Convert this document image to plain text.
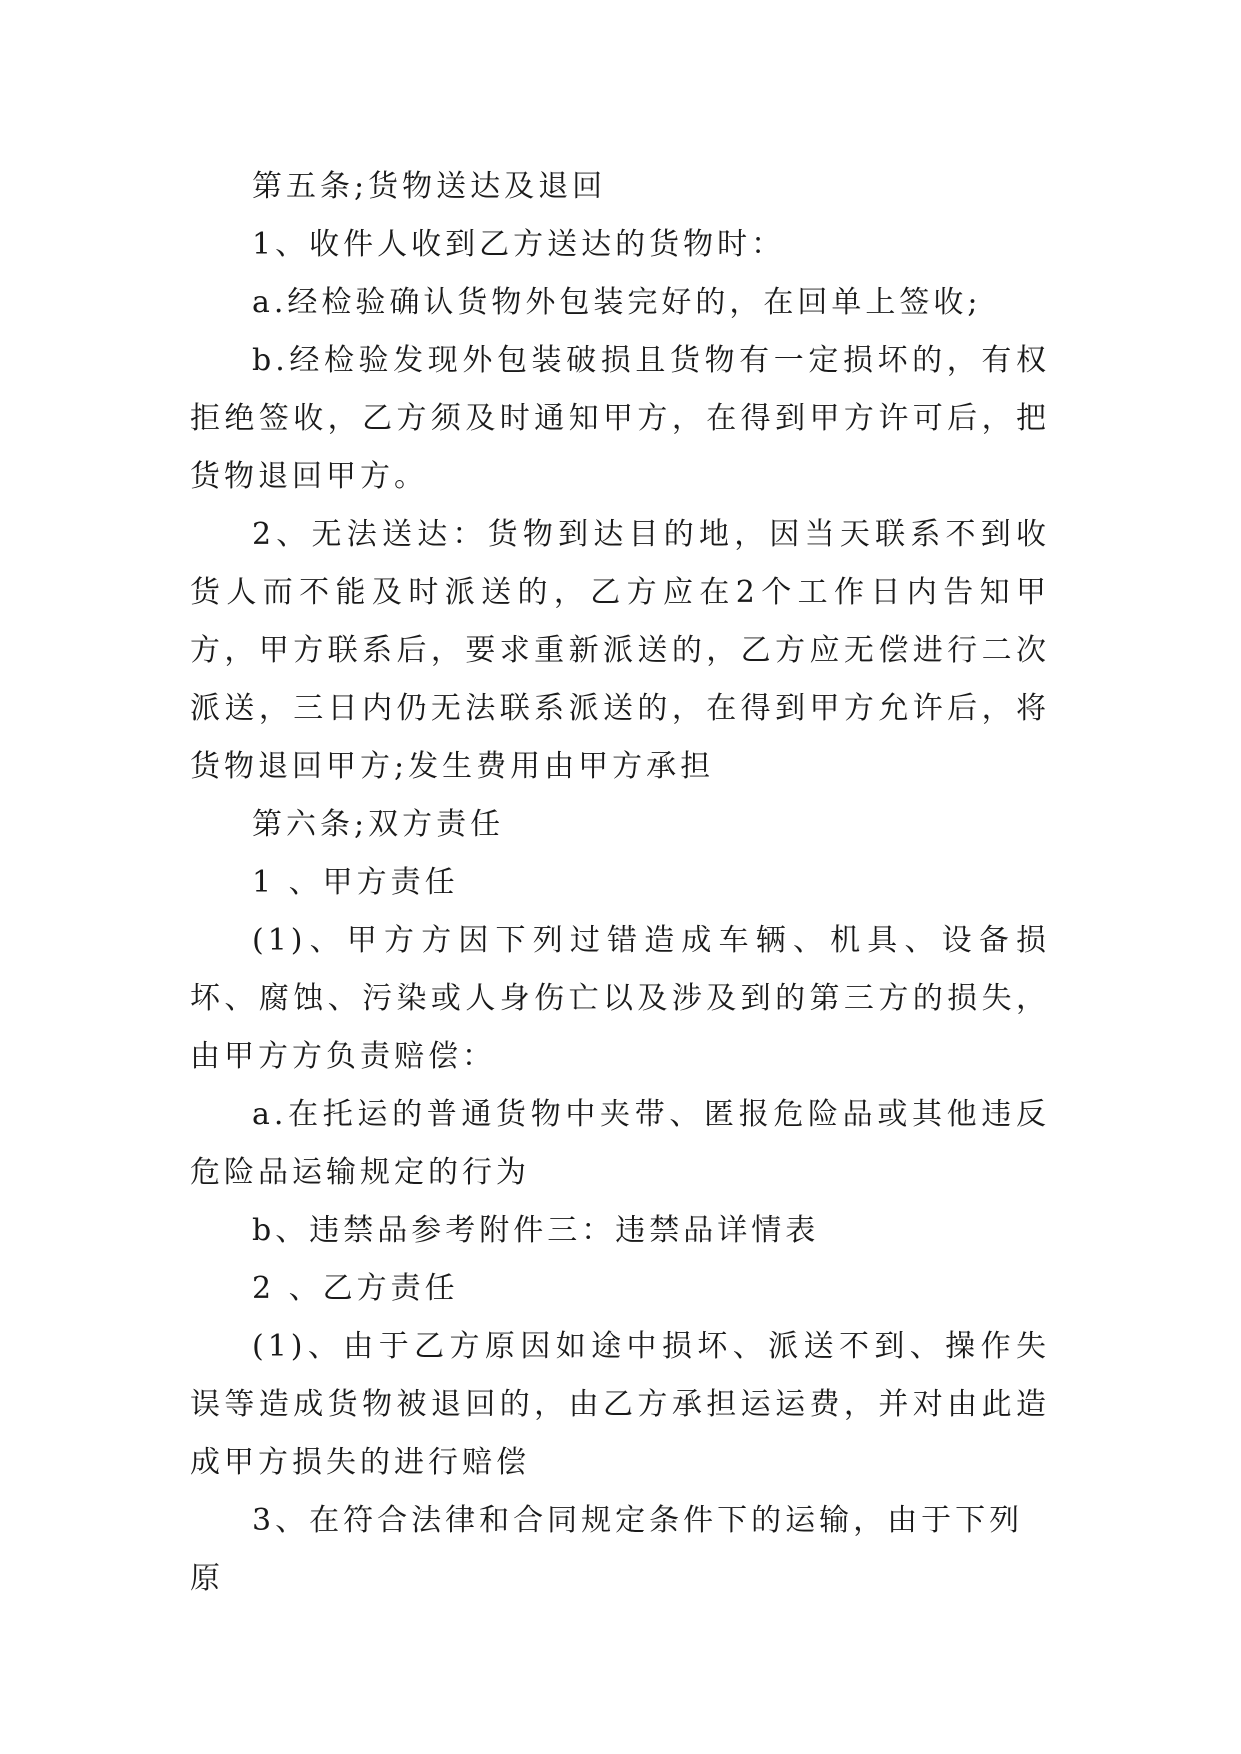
第五条;货物送达及退回

1、收件人收到乙方送达的货物时：

a.经检验确认货物外包装完好的，在回单上签收;

b.经检验发现外包装破损且货物有一定损坏的，有权拒绝签收，乙方须及时通知甲方，在得到甲方许可后，把货物退回甲方。

2、无法送达：货物到达目的地，因当天联系不到收货人而不能及时派送的，乙方应在2个工作日内告知甲方，甲方联系后，要求重新派送的，乙方应无偿进行二次派送，三日内仍无法联系派送的，在得到甲方允许后，将货物退回甲方;发生费用由甲方承担

第六条;双方责任

1 、甲方责任

(1)、甲方方因下列过错造成车辆、机具、设备损坏、腐蚀、污染或人身伤亡以及涉及到的第三方的损失，由甲方方负责赔偿：

a.在托运的普通货物中夹带、匿报危险品或其他违反危险品运输规定的行为

b、违禁品参考附件三：违禁品详情表

2 、乙方责任

(1)、由于乙方原因如途中损坏、派送不到、操作失误等造成货物被退回的，由乙方承担运运费，并对由此造成甲方损失的进行赔偿

3、在符合法律和合同规定条件下的运输，由于下列原
